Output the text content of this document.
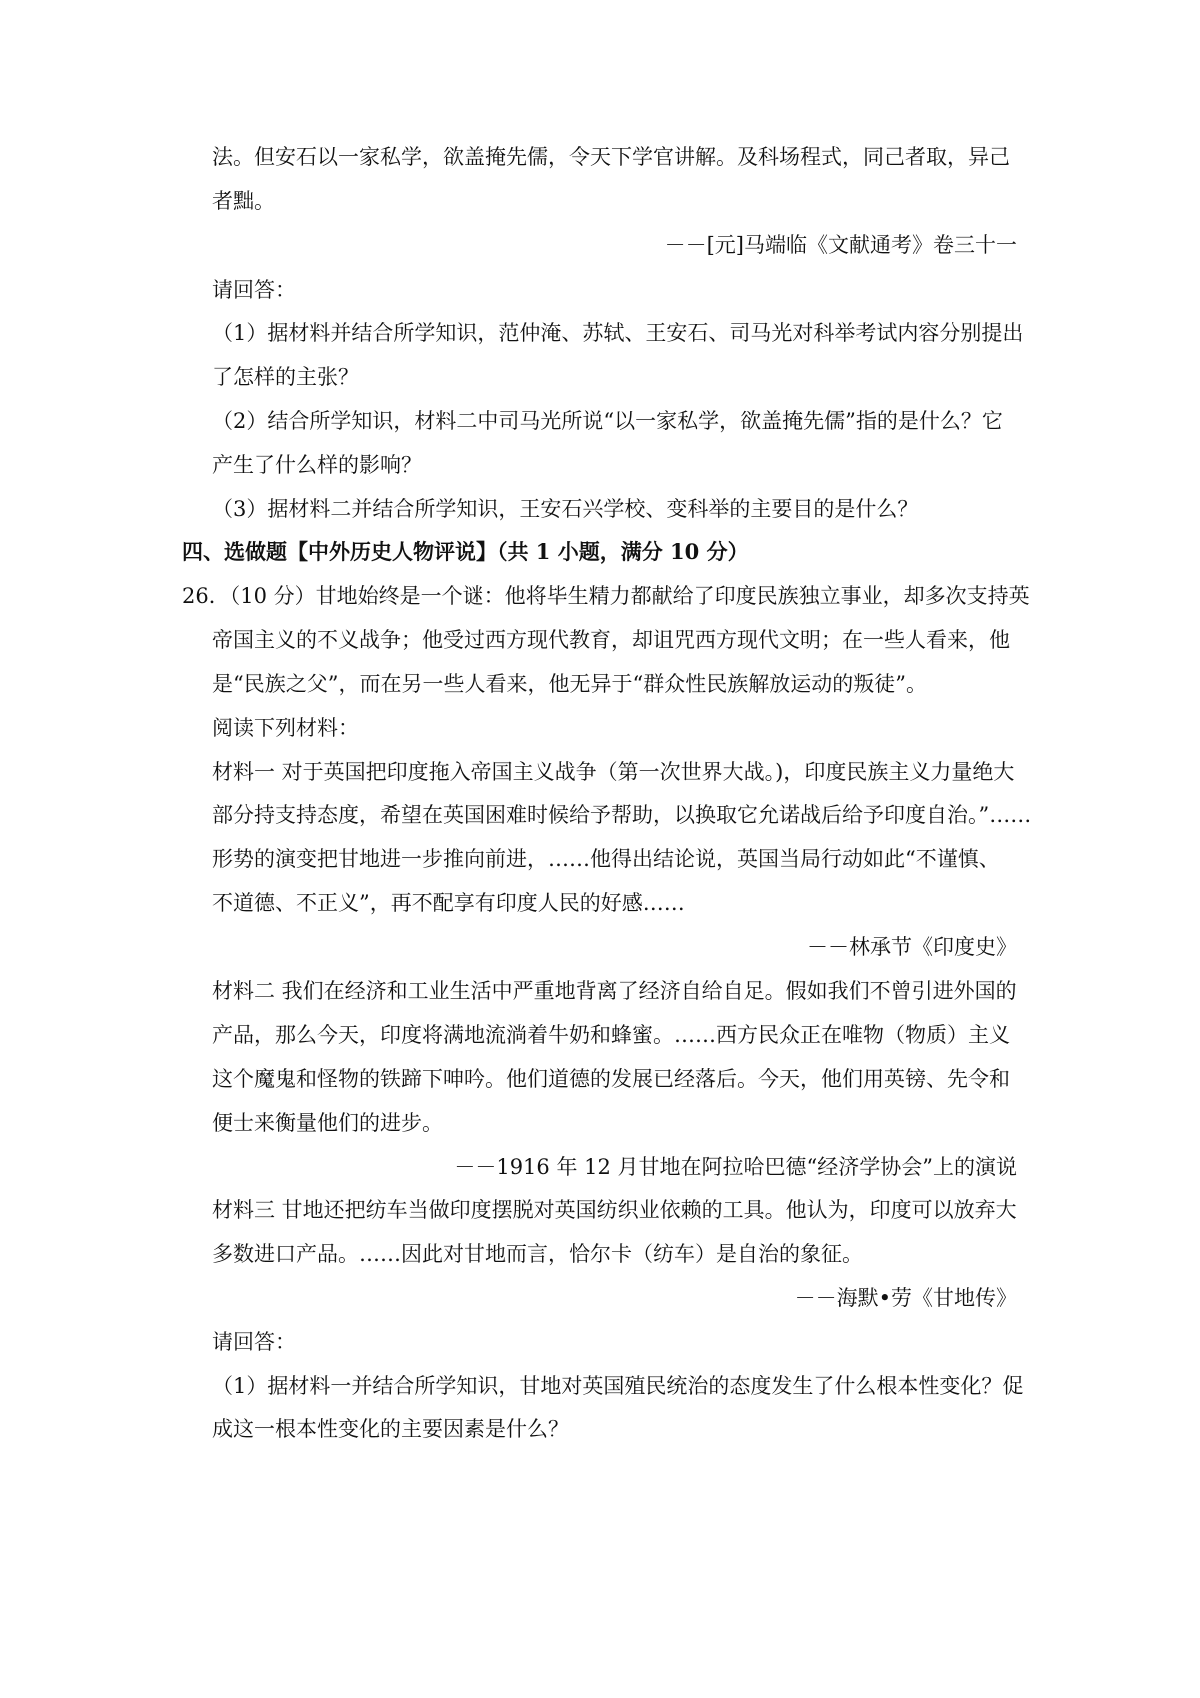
法。但安石以一家私学，欲盖掩先儒，令天下学官讲解。及科场程式，同己者取，异己
者黜。
－－[元]马端临《文献通考》卷三十一
请回答：
（1）据材料并结合所学知识，范仲淹、苏轼、王安石、司马光对科举考试内容分别提出
了怎样的主张？
（2）结合所学知识，材料二中司马光所说“以一家私学，欲盖掩先儒”指的是什么？它
产生了什么样的影响？
（3）据材料二并结合所学知识，王安石兴学校、变科举的主要目的是什么？
四、选做题【中外历史人物评说】（共 1 小题，满分 10 分）
26．（10 分）甘地始终是一个谜：他将毕生精力都献给了印度民族独立事业，却多次支持英
帝国主义的不义战争；他受过西方现代教育，却诅咒西方现代文明；在一些人看来，他
是“民族之父”，而在另一些人看来，他无异于“群众性民族解放运动的叛徒”。
阅读下列材料：
材料一 对于英国把印度拖入帝国主义战争（第一次世界大战。)，印度民族主义力量绝大
部分持支持态度，希望在英国困难时候给予帮助，以换取它允诺战后给予印度自治。”……
形势的演变把甘地进一步推向前进，……他得出结论说，英国当局行动如此“不谨慎、
不道德、不正义”，再不配享有印度人民的好感……
－－林承节《印度史》
材料二 我们在经济和工业生活中严重地背离了经济自给自足。假如我们不曾引进外国的
产品，那么今天，印度将满地流淌着牛奶和蜂蜜。……西方民众正在唯物（物质）主义
这个魔鬼和怪物的铁蹄下呻吟。他们道德的发展已经落后。今天，他们用英镑、先令和
便士来衡量他们的进步。
－－1916 年 12 月甘地在阿拉哈巴德“经济学协会”上的演说
材料三 甘地还把纺车当做印度摆脱对英国纺织业依赖的工具。他认为，印度可以放弃大
多数进口产品。……因此对甘地而言，恰尔卡（纺车）是自治的象征。
－－海默•劳《甘地传》
请回答：
（1）据材料一并结合所学知识，甘地对英国殖民统治的态度发生了什么根本性变化？促
成这一根本性变化的主要因素是什么？
